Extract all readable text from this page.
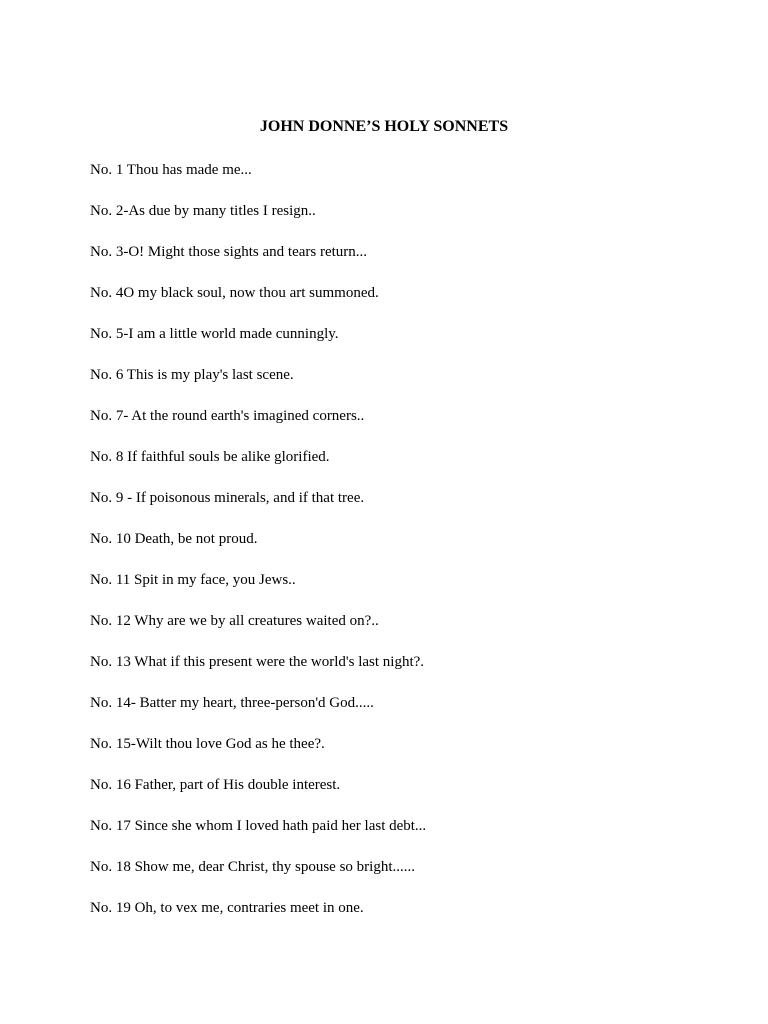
JOHN DONNE’S HOLY SONNETS
No. 1 Thou has made me...
No. 2-As due by many titles I resign..
No. 3-O! Might those sights and tears return...
No. 4O my black soul, now thou art summoned.
No. 5-I am a little world made cunningly.
No. 6 This is my play's last scene.
No. 7- At the round earth's imagined corners..
No. 8 If faithful souls be alike glorified.
No. 9 - If poisonous minerals, and if that tree.
No. 10 Death, be not proud.
No. 11 Spit in my face, you Jews..
No. 12 Why are we by all creatures waited on?..
No. 13 What if this present were the world's last night?.
No. 14- Batter my heart, three-person'd God.....
No. 15-Wilt thou love God as he thee?.
No. 16 Father, part of His double interest.
No. 17 Since she whom I loved hath paid her last debt...
No. 18 Show me, dear Christ, thy spouse so bright......
No. 19 Oh, to vex me, contraries meet in one.
